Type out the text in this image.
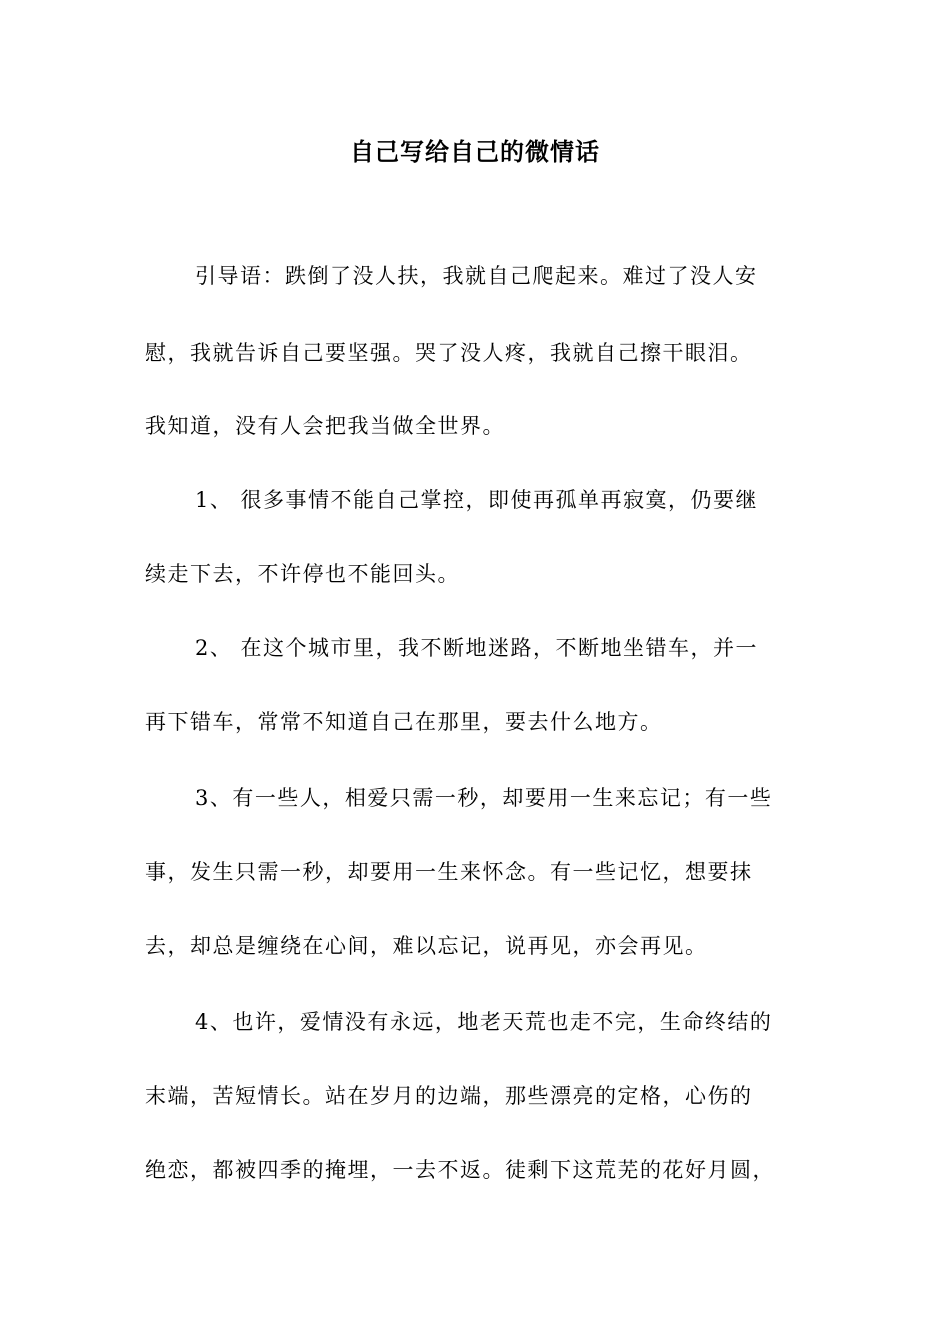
自己写给自己的微情话
引导语：跌倒了没人扶，我就自己爬起来。难过了没人安
慰，我就告诉自己要坚强。哭了没人疼，我就自己擦干眼泪。
我知道，没有人会把我当做全世界。
1、 很多事情不能自己掌控，即使再孤单再寂寞，仍要继
续走下去，不许停也不能回头。
2、 在这个城市里，我不断地迷路，不断地坐错车，并一
再下错车，常常不知道自己在那里，要去什么地方。
3、有一些人，相爱只需一秒，却要用一生来忘记；有一些
事，发生只需一秒，却要用一生来怀念。有一些记忆，想要抹
去，却总是缠绕在心间，难以忘记，说再见，亦会再见。
4、也许，爱情没有永远，地老天荒也走不完，生命终结的
末端，苦短情长。站在岁月的边端，那些漂亮的定格，心伤的
绝恋，都被四季的掩埋，一去不返。徒剩下这荒芜的花好月圆，
